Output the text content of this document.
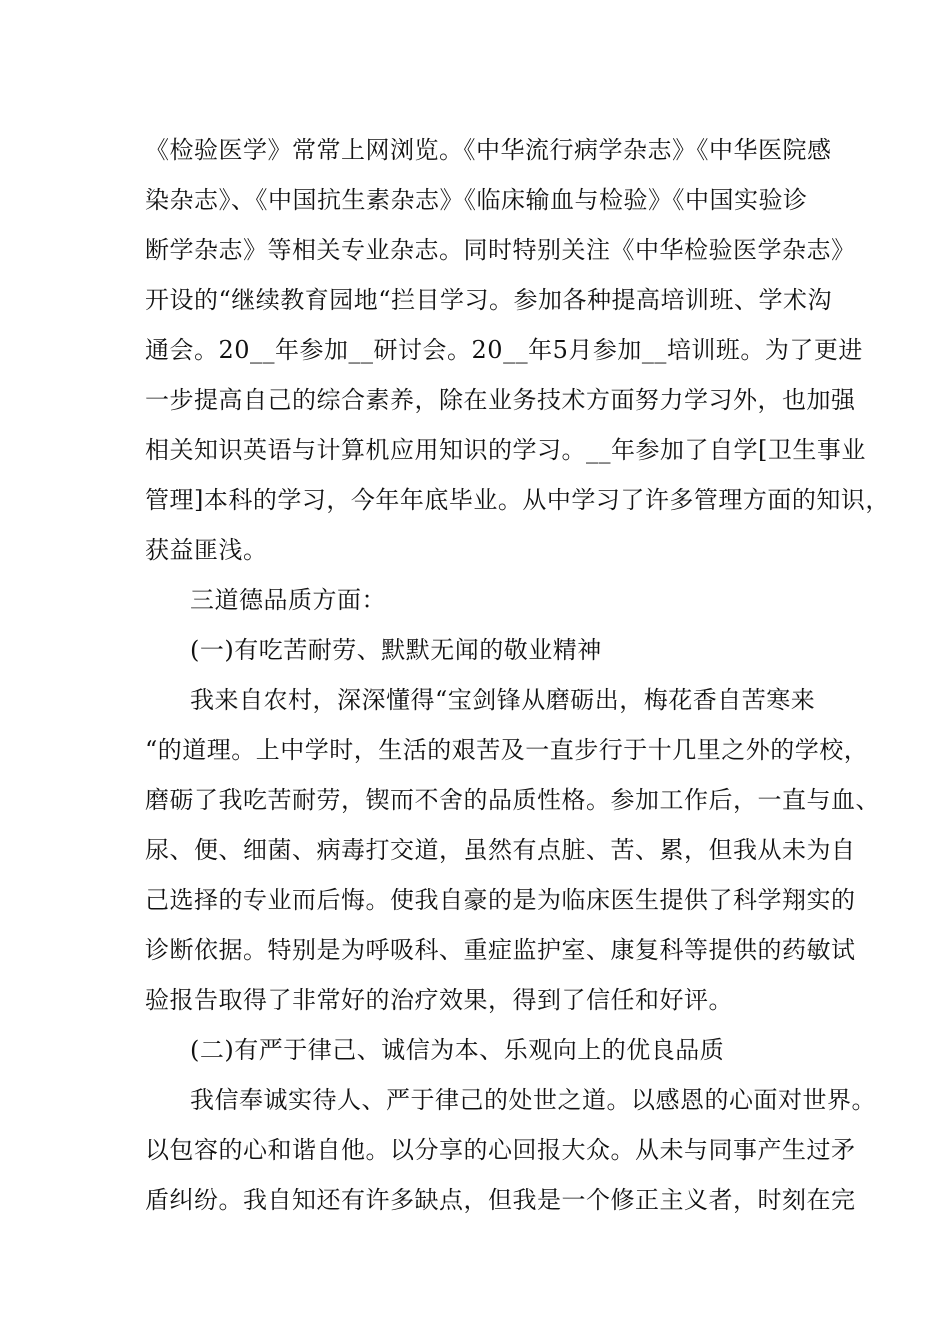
《检验医学》常常上网浏览。《中华流行病学杂志》《中华医院感
染杂志》、《中国抗生素杂志》《临床输血与检验》《中国实验诊
断学杂志》等相关专业杂志。同时特别关注《中华检验医学杂志》
开设的“继续教育园地“拦目学习。参加各种提高培训班、学术沟
通会。20__年参加__研讨会。20__年5月参加__培训班。为了更进
一步提高自己的综合素养，除在业务技术方面努力学习外，也加强
相关知识英语与计算机应用知识的学习。__年参加了自学[卫生事业
管理]本科的学习，今年年底毕业。从中学习了许多管理方面的知识，
获益匪浅。
三道德品质方面：
(一)有吃苦耐劳、默默无闻的敬业精神
我来自农村，深深懂得“宝剑锋从磨砺出，梅花香自苦寒来
“的道理。上中学时，生活的艰苦及一直步行于十几里之外的学校，
磨砺了我吃苦耐劳，锲而不舍的品质性格。参加工作后，一直与血、
尿、便、细菌、病毒打交道，虽然有点脏、苦、累，但我从未为自
己选择的专业而后悔。使我自豪的是为临床医生提供了科学翔实的
诊断依据。特别是为呼吸科、重症监护室、康复科等提供的药敏试
验报告取得了非常好的治疗效果，得到了信任和好评。
(二)有严于律己、诚信为本、乐观向上的优良品质
我信奉诚实待人、严于律己的处世之道。以感恩的心面对世界。
以包容的心和谐自他。以分享的心回报大众。从未与同事产生过矛
盾纠纷。我自知还有许多缺点，但我是一个修正主义者，时刻在完
